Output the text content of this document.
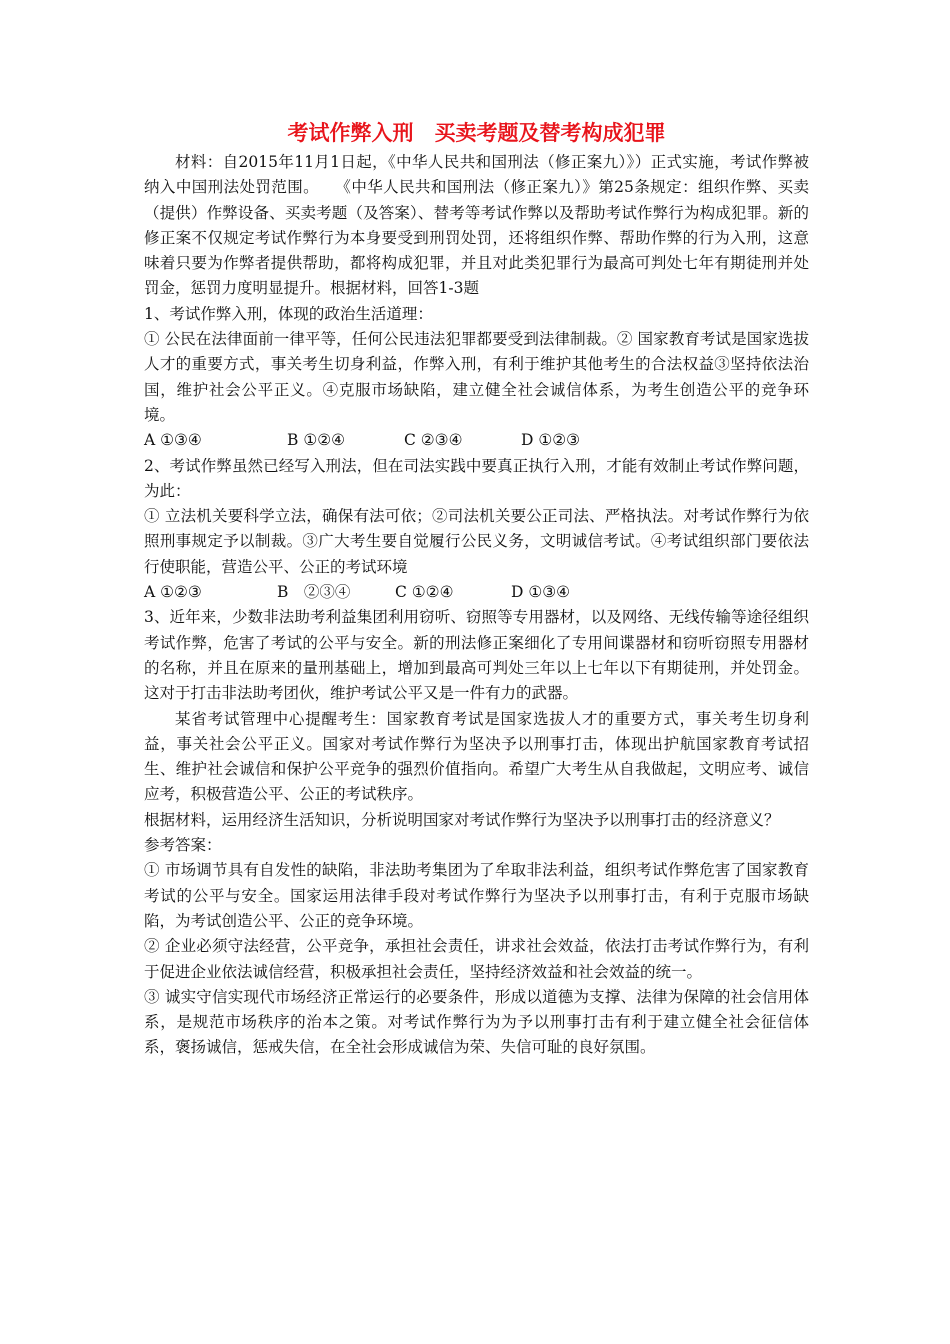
考试作弊入刑　买卖考题及替考构成犯罪

材料：自2015年11月1日起，《中华人民共和国刑法（修正案九）》）正式实施，考试作弊被纳入中国刑法处罚范围。　　《中华人民共和国刑法（修正案九）》第25条规定：组织作弊、买卖（提供）作弊设备、买卖考题（及答案）、替考等考试作弊以及帮助考试作弊行为构成犯罪。新的修正案不仅规定考试作弊行为本身要受到刑罚处罚，还将组织作弊、帮助作弊的行为入刑，这意味着只要为作弊者提供帮助，都将构成犯罪，并且对此类犯罪行为最高可判处七年有期徒刑并处罚金，惩罚力度明显提升。根据材料，回答1-3题

1、考试作弊入刑，体现的政治生活道理：

① 公民在法律面前一律平等，任何公民违法犯罪都要受到法律制裁。② 国家教育考试是国家选拔人才的重要方式，事关考生切身利益，作弊入刑，有利于维护其他考生的合法权益③坚持依法治国，维护社会公平正义。④克服市场缺陷，建立健全社会诚信体系，为考生创造公平的竞争环境。

A ①③④	B ①②④	C ②③④	D ①②③

2、考试作弊虽然已经写入刑法，但在司法实践中要真正执行入刑，才能有效制止考试作弊问题，为此：

① 立法机关要科学立法，确保有法可依；②司法机关要公正司法、严格执法。对考试作弊行为依照刑事规定予以制裁。③广大考生要自觉履行公民义务，文明诚信考试。④考试组织部门要依法行使职能，营造公平、公正的考试环境

A ①②③	B　②③④	C ①②④	D ①③④

3、近年来，少数非法助考利益集团利用窃听、窃照等专用器材，以及网络、无线传输等途径组织考试作弊，危害了考试的公平与安全。新的刑法修正案细化了专用间谍器材和窃听窃照专用器材的名称，并且在原来的量刑基础上，增加到最高可判处三年以上七年以下有期徒刑，并处罚金。这对于打击非法助考团伙，维护考试公平又是一件有力的武器。

某省考试管理中心提醒考生：国家教育考试是国家选拔人才的重要方式，事关考生切身利益，事关社会公平正义。国家对考试作弊行为坚决予以刑事打击，体现出护航国家教育考试招生、维护社会诚信和保护公平竞争的强烈价值指向。希望广大考生从自我做起，文明应考、诚信应考，积极营造公平、公正的考试秩序。

根据材料，运用经济生活知识，分析说明国家对考试作弊行为坚决予以刑事打击的经济意义？

参考答案：

① 市场调节具有自发性的缺陷，非法助考集团为了牟取非法利益，组织考试作弊危害了国家教育考试的公平与安全。国家运用法律手段对考试作弊行为坚决予以刑事打击，有利于克服市场缺陷，为考试创造公平、公正的竞争环境。

② 企业必须守法经营，公平竞争，承担社会责任，讲求社会效益，依法打击考试作弊行为，有利于促进企业依法诚信经营，积极承担社会责任，坚持经济效益和社会效益的统一。

③ 诚实守信实现代市场经济正常运行的必要条件，形成以道德为支撑、法律为保障的社会信用体系，是规范市场秩序的治本之策。对考试作弊行为为予以刑事打击有利于建立健全社会征信体系，褒扬诚信，惩戒失信，在全社会形成诚信为荣、失信可耻的良好氛围。
